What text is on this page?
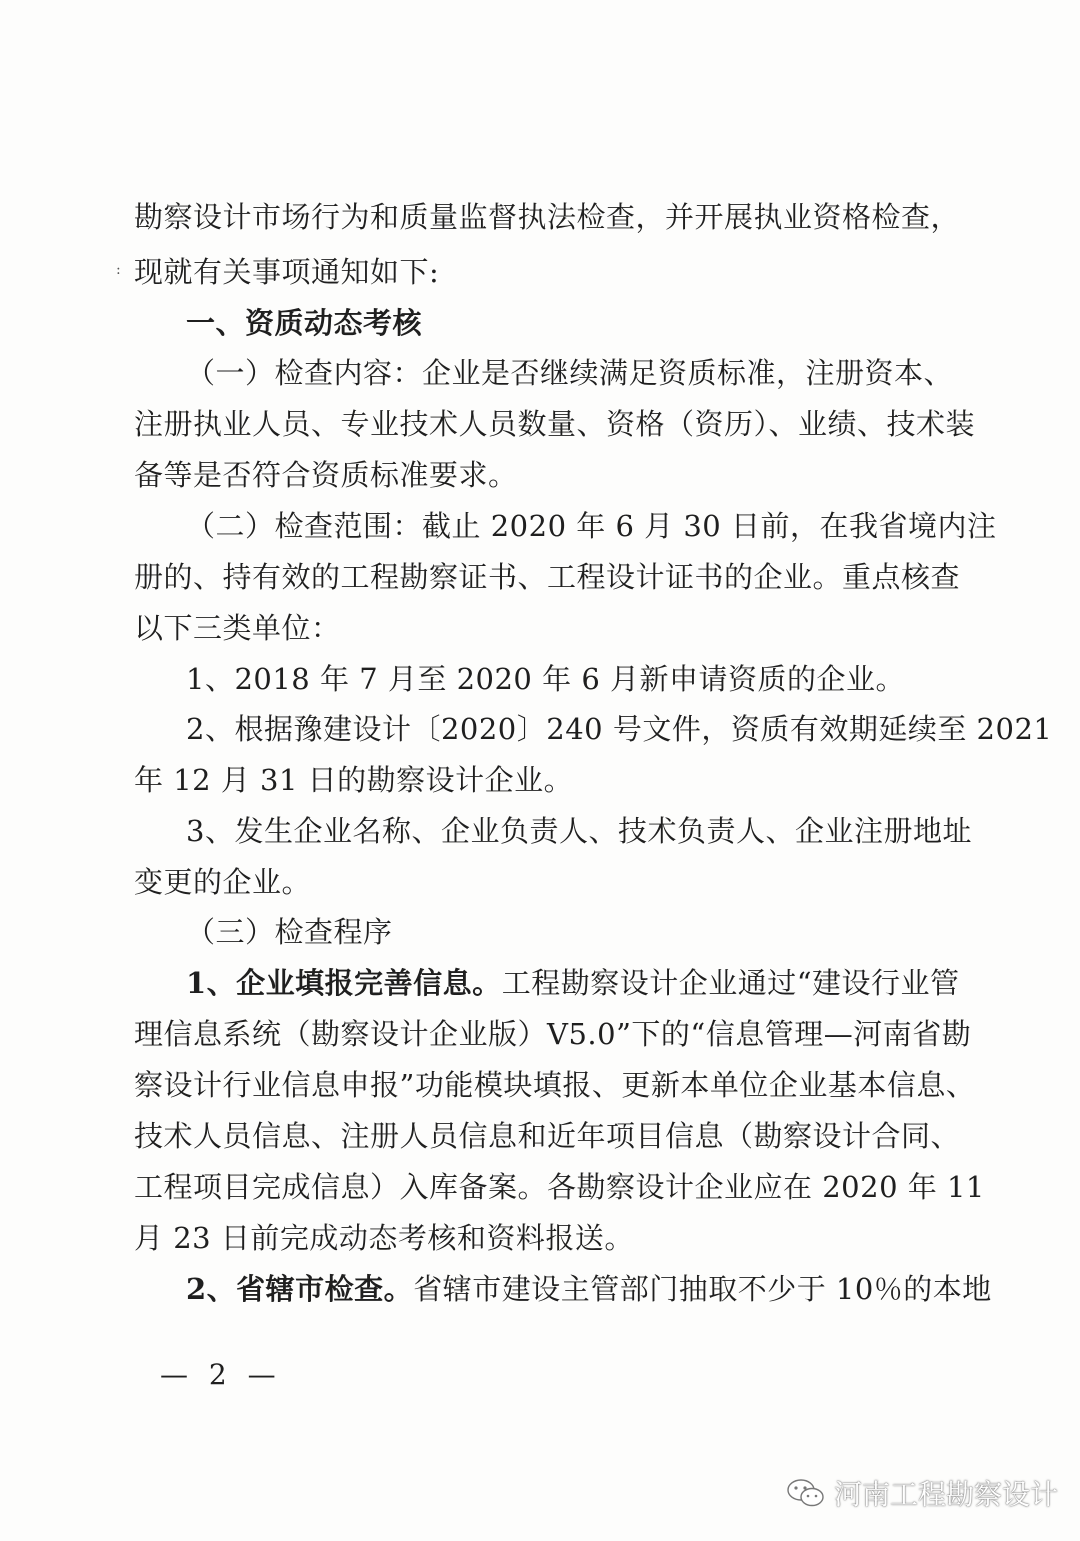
勘察设计市场行为和质量监督执法检查，并开展执业资格检查，
现就有关事项通知如下:
:
一、资质动态考核
（一）检查内容：企业是否继续满足资质标准，注册资本、
注册执业人员、专业技术人员数量、资格（资历）、业绩、技术装
备等是否符合资质标准要求。
（二）检查范围：截止 2020 年 6 月 30 日前，在我省境内注
册的、持有效的工程勘察证书、工程设计证书的企业。重点核查
以下三类单位：
1、2018 年 7 月至 2020 年 6 月新申请资质的企业。
2、根据豫建设计〔2020〕240 号文件，资质有效期延续至 2021
年 12 月 31 日的勘察设计企业。
3、发生企业名称、企业负责人、技术负责人、企业注册地址
变更的企业。
（三）检查程序
1、企业填报完善信息。工程勘察设计企业通过“建设行业管
理信息系统（勘察设计企业版）V5.0”下的“信息管理—河南省勘
察设计行业信息申报”功能模块填报、更新本单位企业基本信息、
技术人员信息、注册人员信息和近年项目信息（勘察设计合同、
工程项目完成信息）入库备案。各勘察设计企业应在 2020 年 11
月 23 日前完成动态考核和资料报送。
2、省辖市检查。省辖市建设主管部门抽取不少于 10％的本地
— 2 —
河南工程勘察设计
